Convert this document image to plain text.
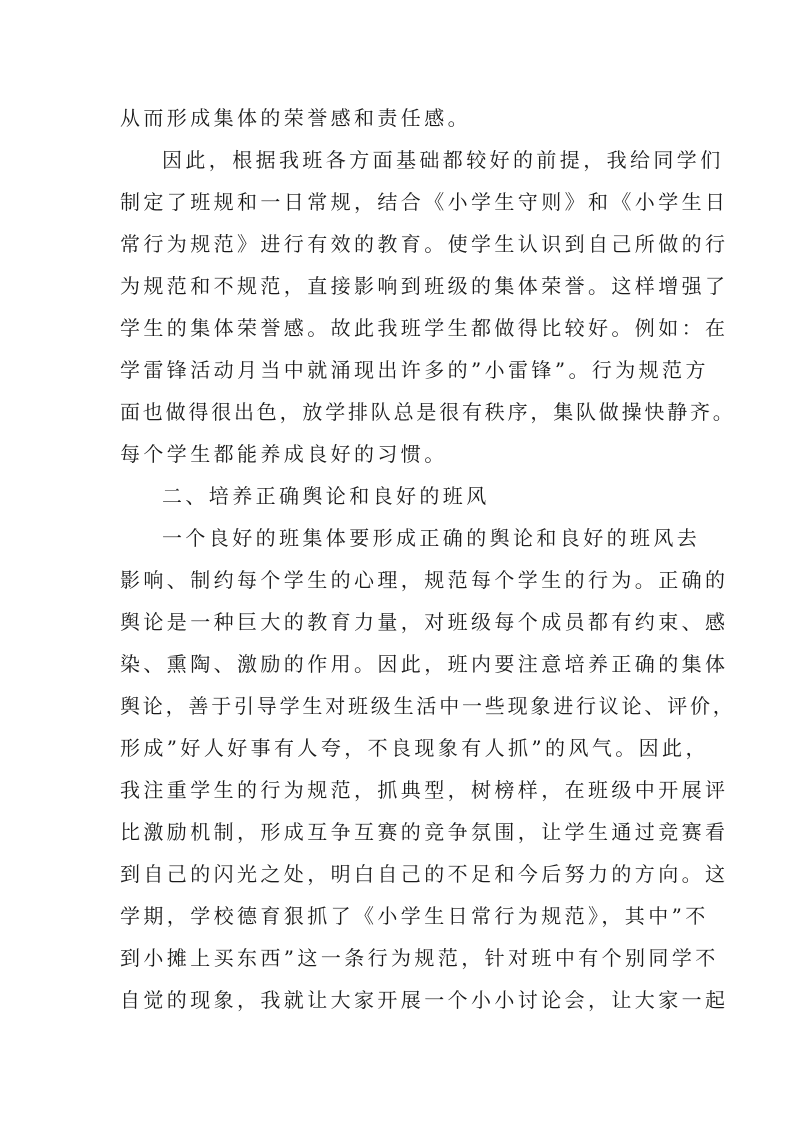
从而形成集体的荣誉感和责任感。
因此，根据我班各方面基础都较好的前提，我给同学们
制定了班规和一日常规，结合《小学生守则》和《小学生日
常行为规范》进行有效的教育。使学生认识到自己所做的行
为规范和不规范，直接影响到班级的集体荣誉。这样增强了
学生的集体荣誉感。故此我班学生都做得比较好。例如：在
学雷锋活动月当中就涌现出许多的”小雷锋”。行为规范方
面也做得很出色，放学排队总是很有秩序，集队做操快静齐。
每个学生都能养成良好的习惯。
二、培养正确舆论和良好的班风
一个良好的班集体要形成正确的舆论和良好的班风去
影响、制约每个学生的心理，规范每个学生的行为。正确的
舆论是一种巨大的教育力量，对班级每个成员都有约束、感
染、熏陶、激励的作用。因此，班内要注意培养正确的集体
舆论，善于引导学生对班级生活中一些现象进行议论、评价，
形成”好人好事有人夸，不良现象有人抓”的风气。因此，
我注重学生的行为规范，抓典型，树榜样，在班级中开展评
比激励机制，形成互争互赛的竞争氛围，让学生通过竞赛看
到自己的闪光之处，明白自己的不足和今后努力的方向。这
学期，学校德育狠抓了《小学生日常行为规范》，其中”不
到小摊上买东西”这一条行为规范，针对班中有个别同学不
自觉的现象，我就让大家开展一个小小讨论会，让大家一起
